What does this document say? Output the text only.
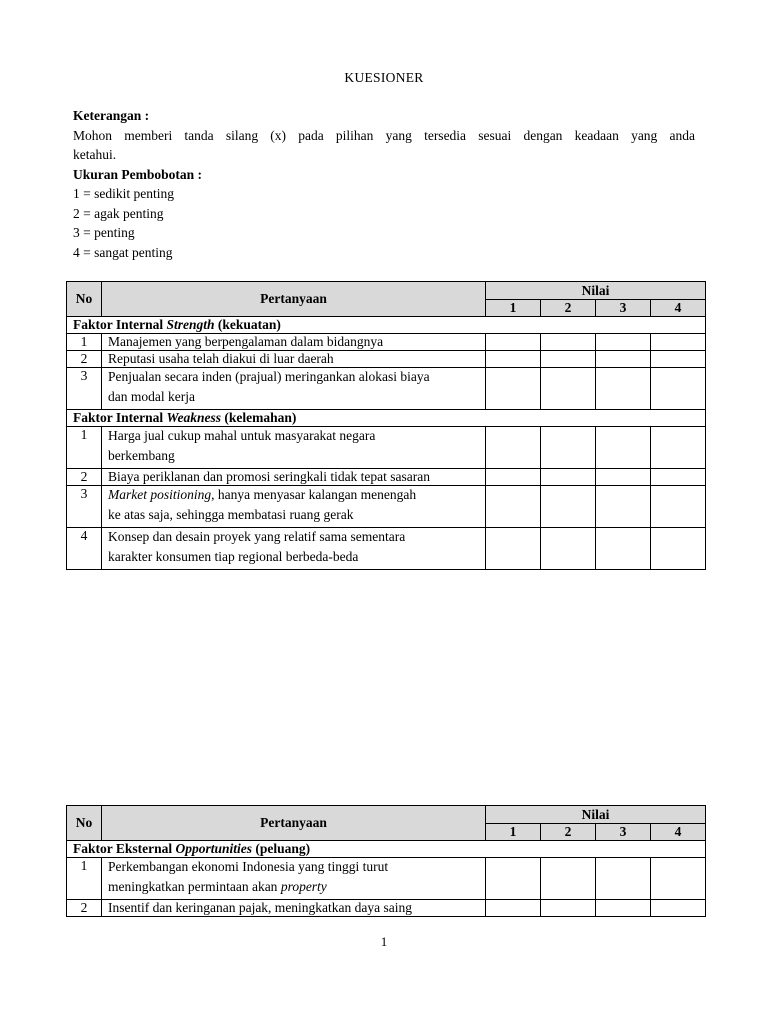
KUESIONER
Keterangan :
Mohon memberi tanda silang (x) pada pilihan yang tersedia sesuai dengan keadaan yang anda
ketahui.
Ukuran Pembobotan :
1 = sedikit penting
2 = agak penting
3 = penting
4 = sangat penting
No	Pertanyaan	Nilai			
		1	2	3	4
Faktor Internal Strength (kekuatan)					
1	Manajemen yang berpengalaman dalam bidangnya				

2	Reputasi usaha telah diakui di luar daerah				

3	Penjualan secara inden (prajual) meringankan alokasi biaya
dan modal kerja				

Faktor Internal Weakness (kelemahan)					
1	Harga jual cukup mahal untuk masyarakat negara
berkembang				

2	Biaya periklanan dan promosi seringkali tidak tepat sasaran				

3	Market positioning, hanya menyasar kalangan menengah
ke atas saja, sehingga membatasi ruang gerak				

4	Konsep dan desain proyek yang relatif sama sementara
karakter konsumen tiap regional berbeda-beda				

No	Pertanyaan	Nilai			
		1	2	3	4
Faktor Eksternal Opportunities (peluang)					
1	Perkembangan ekonomi Indonesia yang tinggi turut
meningkatkan permintaan akan property				

2	Insentif dan keringanan pajak, meningkatkan daya saing				

1
